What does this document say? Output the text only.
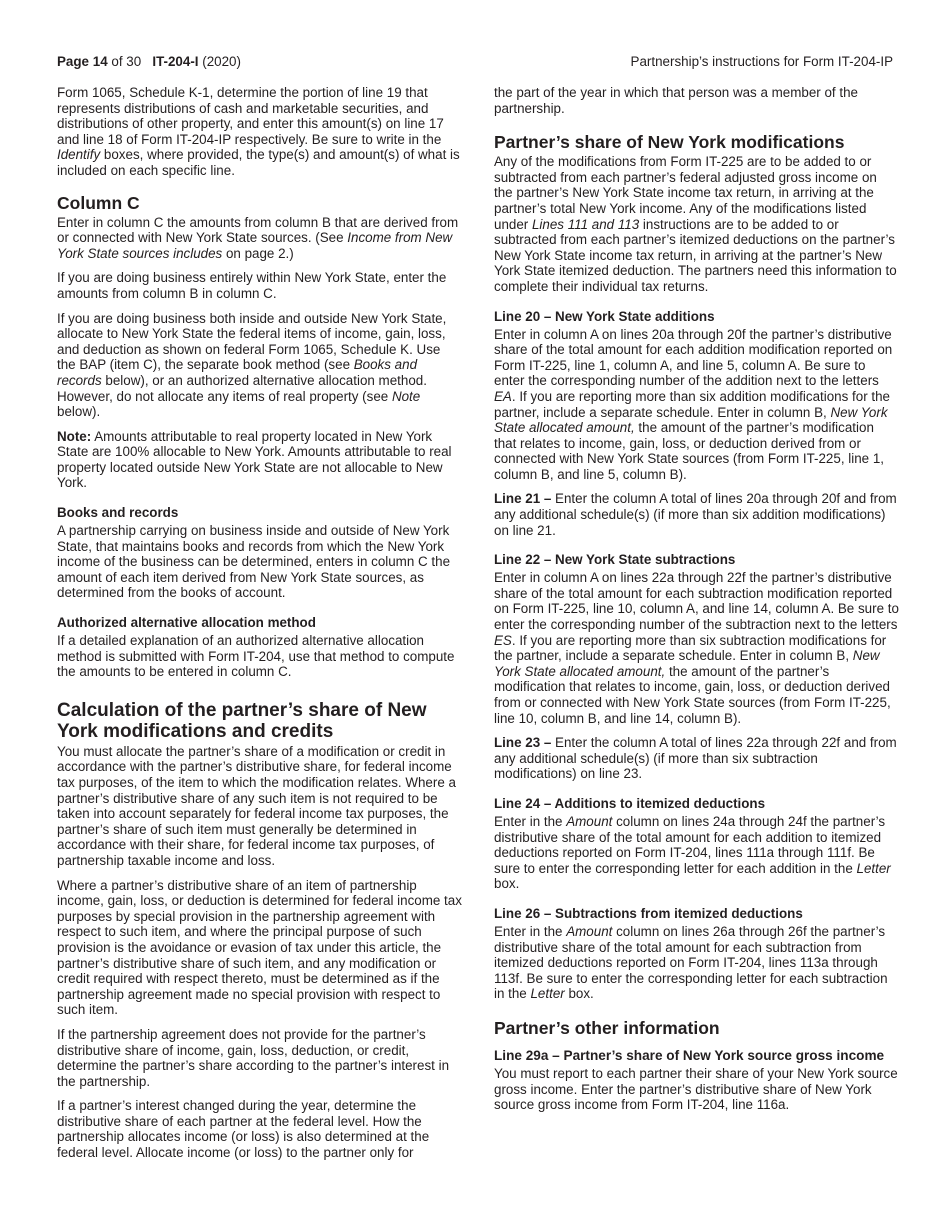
Page 14 of 30 IT-204-I (2020)	Partnership’s instructions for Form IT-204-IP

Form 1065, Schedule K-1, determine the portion of line 19 that represents distributions of cash and marketable securities, and distributions of other property, and enter this amount(s) on line 17 and line 18 of Form IT-204-IP respectively. Be sure to write in the Identify boxes, where provided, the type(s) and amount(s) of what is included on each specific line.

Column C

Enter in column C the amounts from column B that are derived from or connected with New York State sources. (See Income from New York State sources includes on page 2.)

If you are doing business entirely within New York State, enter the amounts from column B in column C.

If you are doing business both inside and outside New York State, allocate to New York State the federal items of income, gain, loss, and deduction as shown on federal Form 1065, Schedule K. Use the BAP (item C), the separate book method (see Books and records below), or an authorized alternative allocation method. However, do not allocate any items of real property (see Note below).

Note: Amounts attributable to real property located in New York State are 100% allocable to New York. Amounts attributable to real property located outside New York State are not allocable to New York.

Books and records

A partnership carrying on business inside and outside of New York State, that maintains books and records from which the New York income of the business can be determined, enters in column C the amount of each item derived from New York State sources, as determined from the books of account.

Authorized alternative allocation method

If a detailed explanation of an authorized alternative allocation method is submitted with Form IT-204, use that method to compute the amounts to be entered in column C.

Calculation of the partner’s share of New York modifications and credits

You must allocate the partner’s share of a modification or credit in accordance with the partner’s distributive share, for federal income tax purposes, of the item to which the modification relates. Where a partner’s distributive share of any such item is not required to be taken into account separately for federal income tax purposes, the partner’s share of such item must generally be determined in accordance with their share, for federal income tax purposes, of partnership taxable income and loss.

Where a partner’s distributive share of an item of partnership income, gain, loss, or deduction is determined for federal income tax purposes by special provision in the partnership agreement with respect to such item, and where the principal purpose of such provision is the avoidance or evasion of tax under this article, the partner’s distributive share of such item, and any modification or credit required with respect thereto, must be determined as if the partnership agreement made no special provision with respect to such item.

If the partnership agreement does not provide for the partner’s distributive share of income, gain, loss, deduction, or credit, determine the partner’s share according to the partner’s interest in the partnership.

If a partner’s interest changed during the year, determine the distributive share of each partner at the federal level. How the partnership allocates income (or loss) is also determined at the federal level. Allocate income (or loss) to the partner only for

the part of the year in which that person was a member of the partnership.

Partner’s share of New York modifications

Any of the modifications from Form IT-225 are to be added to or subtracted from each partner’s federal adjusted gross income on the partner’s New York State income tax return, in arriving at the partner’s total New York income. Any of the modifications listed under Lines 111 and 113 instructions are to be added to or subtracted from each partner’s itemized deductions on the partner’s New York State income tax return, in arriving at the partner’s New York State itemized deduction. The partners need this information to complete their individual tax returns.

Line 20 – New York State additions

Enter in column A on lines 20a through 20f the partner’s distributive share of the total amount for each addition modification reported on Form IT-225, line 1, column A, and line 5, column A. Be sure to enter the corresponding number of the addition next to the letters EA. If you are reporting more than six addition modifications for the partner, include a separate schedule. Enter in column B, New York State allocated amount, the amount of the partner’s modification that relates to income, gain, loss, or deduction derived from or connected with New York State sources (from Form IT-225, line 1, column B, and line 5, column B).

Line 21 – Enter the column A total of lines 20a through 20f and from any additional schedule(s) (if more than six addition modifications) on line 21.

Line 22 – New York State subtractions

Enter in column A on lines 22a through 22f the partner’s distributive share of the total amount for each subtraction modification reported on Form IT-225, line 10, column A, and line 14, column A. Be sure to enter the corresponding number of the subtraction next to the letters ES. If you are reporting more than six subtraction modifications for the partner, include a separate schedule. Enter in column B, New York State allocated amount, the amount of the partner’s modification that relates to income, gain, loss, or deduction derived from or connected with New York State sources (from Form IT-225, line 10, column B, and line 14, column B).

Line 23 – Enter the column A total of lines 22a through 22f and from any additional schedule(s) (if more than six subtraction modifications) on line 23.

Line 24 – Additions to itemized deductions

Enter in the Amount column on lines 24a through 24f the partner’s distributive share of the total amount for each addition to itemized deductions reported on Form IT-204, lines 111a through 111f. Be sure to enter the corresponding letter for each addition in the Letter box.

Line 26 – Subtractions from itemized deductions

Enter in the Amount column on lines 26a through 26f the partner’s distributive share of the total amount for each subtraction from itemized deductions reported on Form IT-204, lines 113a through 113f. Be sure to enter the corresponding letter for each subtraction in the Letter box.

Partner’s other information
Line 29a – Partner’s share of New York source gross income

You must report to each partner their share of your New York source gross income. Enter the partner’s distributive share of New York source gross income from Form IT-204, line 116a.
